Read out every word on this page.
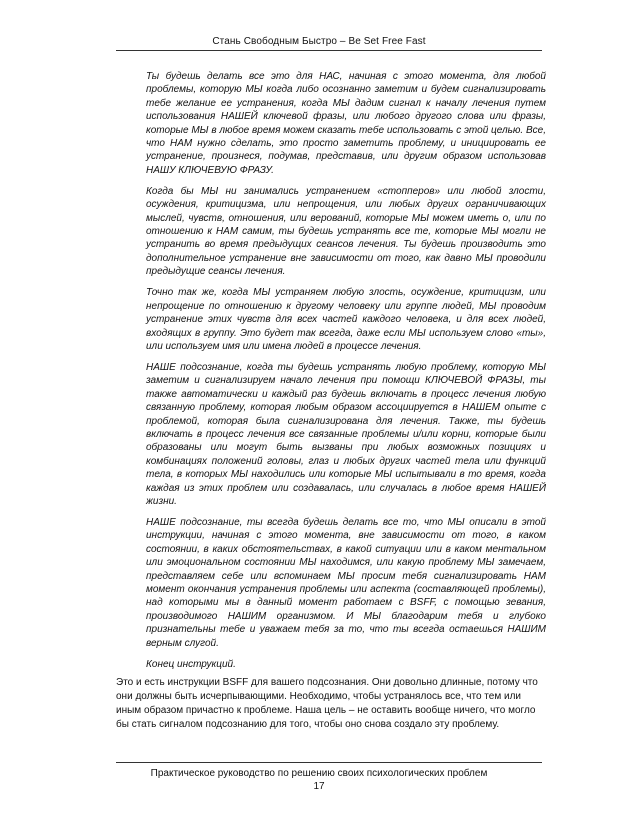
Стань Свободным Быстро – Be Set Free Fast

Ты будешь делать все это для НАС, начиная с этого момента, для любой проблемы, которую МЫ когда либо осознанно заметим и будем сигнализировать тебе желание ее устранения, когда МЫ дадим сигнал к началу лечения путем использования НАШЕЙ ключевой фразы, или любого другого слова или фразы, которые МЫ в любое время можем сказать тебе использовать с этой целью. Все, что НАМ нужно сделать, это просто заметить проблему, и инициировать ее устранение, произнеся, подумав, представив, или другим образом использовав НАШУ КЛЮЧЕВУЮ ФРАЗУ.

Когда бы МЫ ни занимались устранением «стопперов» или любой злости, осуждения, критицизма, или непрощения, или любых других ограничивающих мыслей, чувств, отношения, или верований, которые МЫ можем иметь о, или по отношению к НАМ самим, ты будешь устранять все те, которые МЫ могли не устранить во время предыдущих сеансов лечения. Ты будешь производить это дополнительное устранение вне зависимости от того, как давно МЫ проводили предыдущие сеансы лечения.

Точно так же, когда МЫ устраняем любую злость, осуждение, критицизм, или непрощение по отношению к другому человеку или группе людей, МЫ проводим устранение этих чувств для всех частей каждого человека, и для всех людей, входящих в группу. Это будет так всегда, даже если МЫ используем слово «ты», или используем имя или имена людей в процессе лечения.

НАШЕ подсознание, когда ты будешь устранять любую проблему, которую МЫ заметим и сигнализируем начало лечения при помощи КЛЮЧЕВОЙ ФРАЗЫ, ты также автоматически и каждый раз будешь включать в процесс лечения любую связанную проблему, которая любым образом ассоциируется в НАШЕМ опыте с проблемой, которая была сигнализирована для лечения. Также, ты будешь включать в процесс лечения все связанные проблемы и/или корни, которые были образованы или могут быть вызваны при любых возможных позициях и комбинациях положений головы, глаз и любых других частей тела или функций тела, в которых МЫ находились или которые МЫ испытывали в то время, когда каждая из этих проблем или создавалась, или случалась в любое время НАШЕЙ жизни.

НАШЕ подсознание, ты всегда будешь делать все то, что МЫ описали в этой инструкции, начиная с этого момента, вне зависимости от того, в каком состоянии, в каких обстоятельствах, в какой ситуации или в каком ментальном или эмоциональном состоянии МЫ находимся, или какую проблему МЫ замечаем, представляем себе или вспоминаем МЫ просим тебя сигнализировать НАМ момент окончания устранения проблемы или аспекта (составляющей проблемы), над которыми мы в данный момент работаем с BSFF, с помощью зевания, производимого НАШИМ организмом. И МЫ благодарим тебя и глубоко признательны тебе и уважаем тебя за то, что ты всегда остаешься НАШИМ верным слугой.

Конец инструкций.

Это и есть инструкции BSFF для вашего подсознания. Они довольно длинные, потому что они должны быть исчерпывающими. Необходимо, чтобы устранялось все, что тем или иным образом причастно к проблеме. Наша цель – не оставить вообще ничего, что могло бы стать сигналом подсознанию для того, чтобы оно снова создало эту проблему.

Практическое руководство по решению своих психологических проблем
17
